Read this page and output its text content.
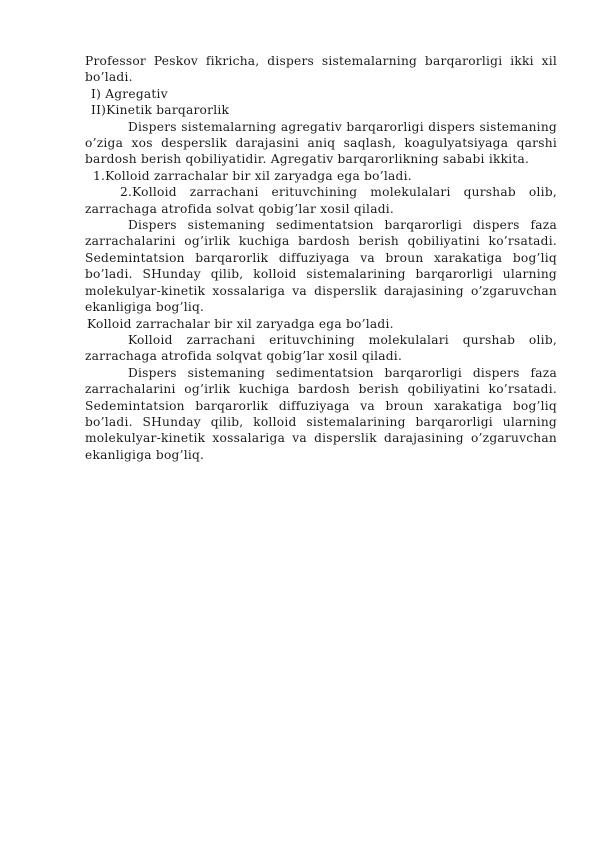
Professor Peskov fikricha, dispers sistemalarning barqarorligi ikki xil bo’ladi.

I) Agregativ

II)Kinetik barqarorlik

Dispers sistemalarning agregativ barqarorligi dispers sistemaning o’ziga xos desperslik darajasini aniq saqlash, koagulyatsiyaga qarshi bardosh berish qobiliyatidir. Agregativ barqarorlikning sababi ikkita.

1.Kolloid zarrachalar bir xil zaryadga ega bo’ladi.

2.Kolloid zarrachani erituvchining molekulalari qurshab olib, zarrachaga atrofida solvat qobig’lar xosil qiladi.

Dispers sistemaning sedimentatsion barqarorligi dispers faza zarrachalarini og’irlik kuchiga bardosh berish qobiliyatini ko’rsatadi. Sedemintatsion barqarorlik diffuziyaga va broun xarakatiga bog’liq bo’ladi. SHunday qilib, kolloid sistemalarining barqarorligi ularning molekulyar-kinetik xossalariga va disperslik darajasining o’zgaruvchan ekanligiga bog’liq.

Kolloid zarrachalar bir xil zaryadga ega bo’ladi.

Kolloid zarrachani erituvchining molekulalari qurshab olib, zarrachaga atrofida solqvat qobig’lar xosil qiladi.

Dispers sistemaning sedimentatsion barqarorligi dispers faza zarrachalarini og’irlik kuchiga bardosh berish qobiliyatini ko’rsatadi. Sedemintatsion barqarorlik diffuziyaga va broun xarakatiga bog’liq bo’ladi. SHunday qilib, kolloid sistemalarining barqarorligi ularning molekulyar-kinetik xossalariga va disperslik darajasining o’zgaruvchan ekanligiga bog’liq.
